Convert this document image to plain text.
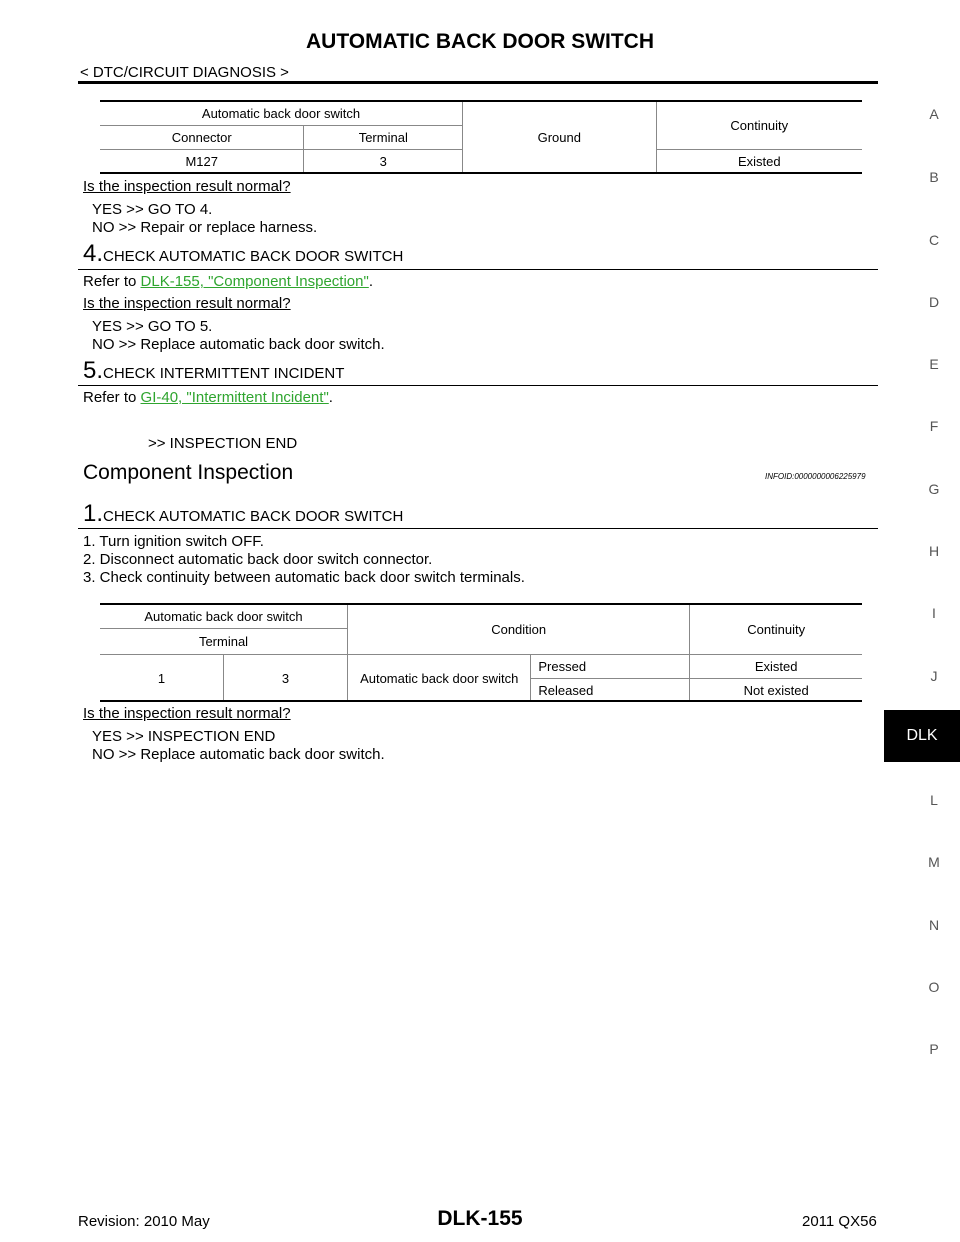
AUTOMATIC BACK DOOR SWITCH
< DTC/CIRCUIT DIAGNOSIS >
Automatic back door switch		Ground	Continuity
Connector	Terminal		
M127	3		Existed
Is the inspection result normal?
YES >> GO TO 4.
NO >> Repair or replace harness.
4.CHECK AUTOMATIC BACK DOOR SWITCH
Refer to DLK-155, "Component Inspection".
Is the inspection result normal?
YES >> GO TO 5.
NO >> Replace automatic back door switch.
5.CHECK INTERMITTENT INCIDENT
Refer to GI-40, "Intermittent Incident".
>> INSPECTION END
Component Inspection	INFOID:0000000006225979
1.CHECK AUTOMATIC BACK DOOR SWITCH
1. Turn ignition switch OFF.
2. Disconnect automatic back door switch connector.
3. Check continuity between automatic back door switch terminals.
Automatic back door switch		Condition		Continuity
Terminal				
1	3	Automatic back door switch	Pressed	Existed
			Released	Not existed
Is the inspection result normal?
YES >> INSPECTION END
NO >> Replace automatic back door switch.
A
B
C
D
E
F
G
H
I
J
DLK
L
M
N
O
P
Revision: 2010 May	DLK-155	2011 QX56
